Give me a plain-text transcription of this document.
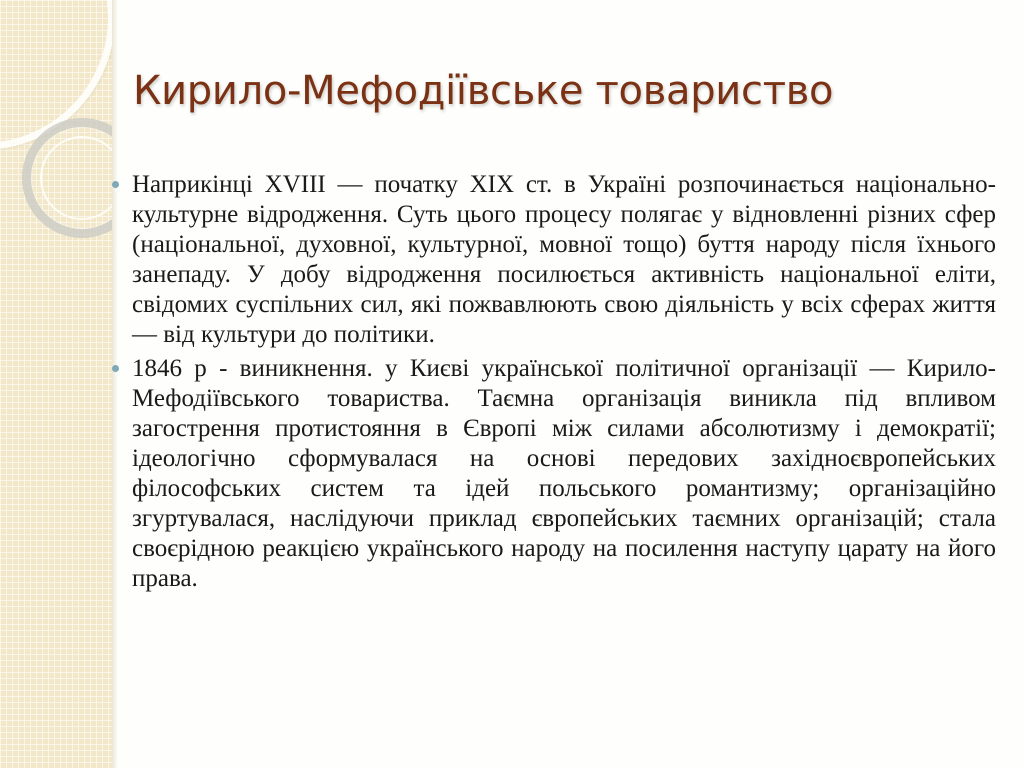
Кирило-Мефодіївське товариство
Наприкінці XVIII — початку XIX ст. в Україні розпочинається національно-культурне відродження. Суть цього процесу полягає у відновленні різних сфер (національної, духовної, культурної, мовної тощо) буття народу після їхнього занепаду. У добу відродження посилюється активність національної еліти, свідомих суспільних сил, які пожвавлюють свою діяльність у всіх сферах життя — від культури до політики.
1846 р - виникнення. у Києві української політичної організації — Кирило-Мефодіївського товариства. Таємна організація виникла під впливом загострення протистояння в Європі між силами абсолютизму і демократії; ідеологічно сформувалася на основі передових західноєвропейських філософських систем та ідей польського романтизму; організаційно згуртувалася, наслідуючи приклад європейських таємних організацій; стала своєрідною реакцією українського народу на посилення наступу царату на його права.
